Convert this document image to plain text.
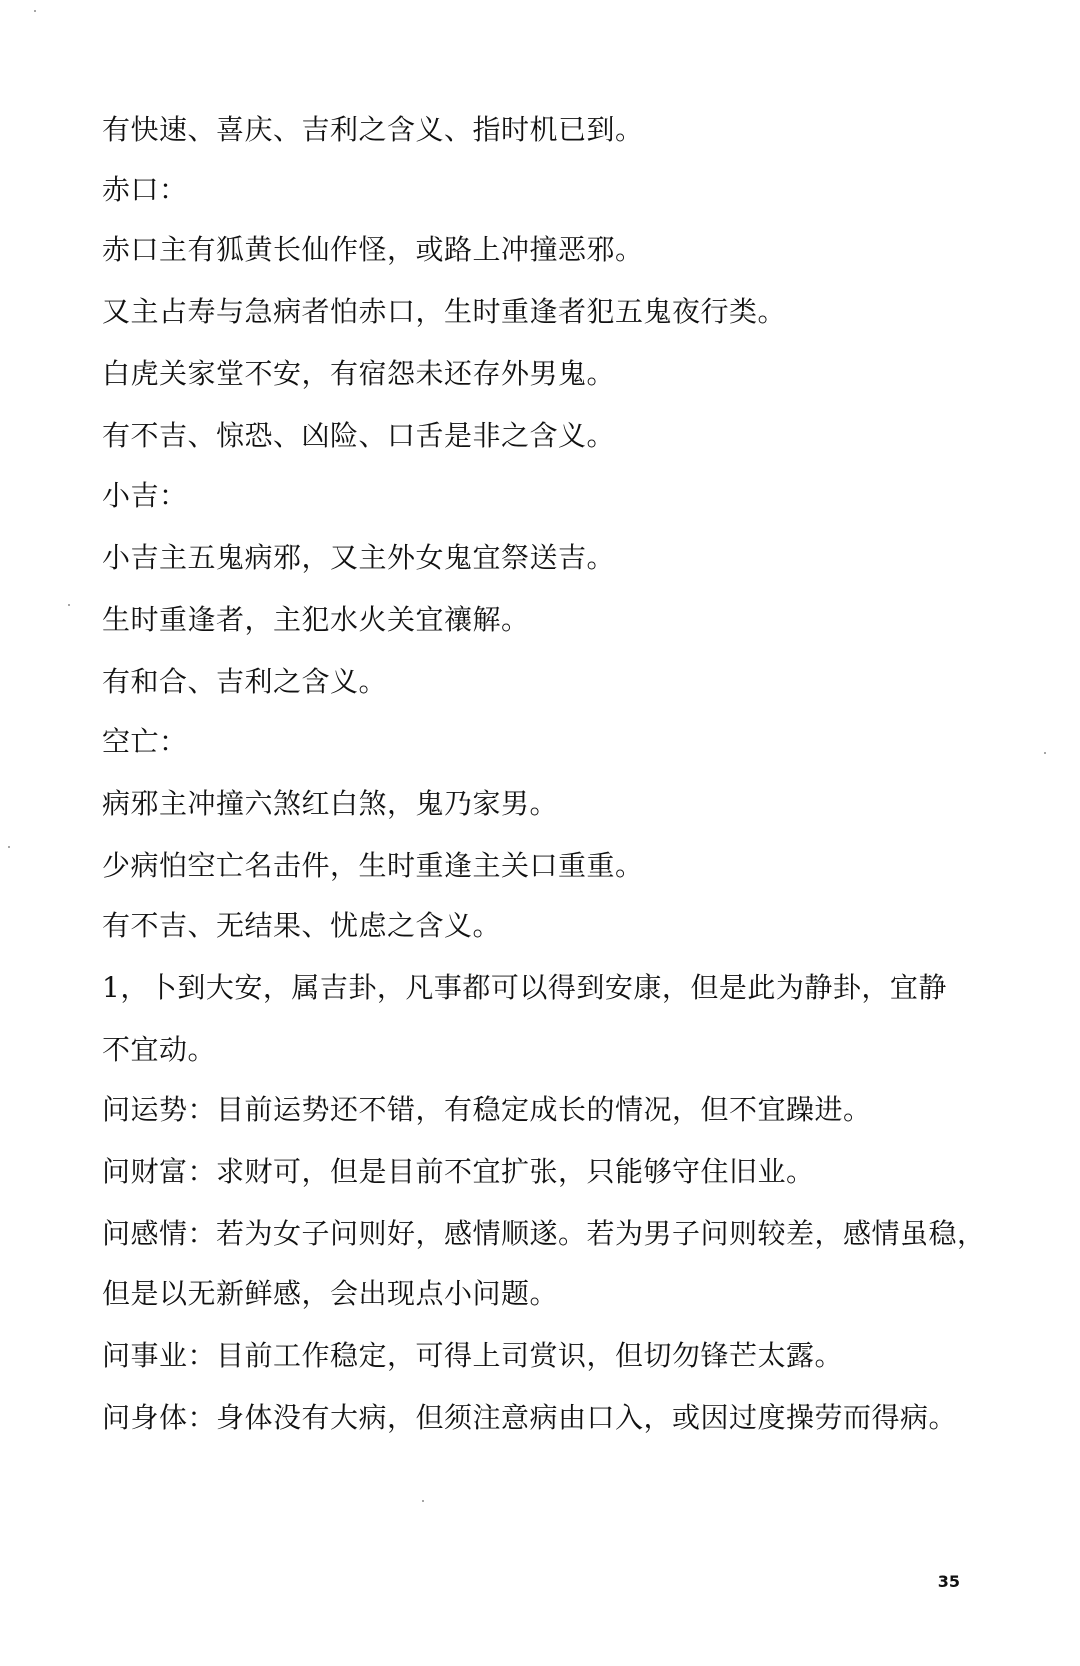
有快速、喜庆、吉利之含义、指时机已到。
赤口：
赤口主有狐黄长仙作怪，或路上冲撞恶邪。
又主占寿与急病者怕赤口，生时重逢者犯五鬼夜行类。
白虎关家堂不安，有宿怨未还存外男鬼。
有不吉、惊恐、凶险、口舌是非之含义。
小吉：
小吉主五鬼病邪，又主外女鬼宜祭送吉。
生时重逢者，主犯水火关宜禳解。
有和合、吉利之含义。
空亡：
病邪主冲撞六煞红白煞，鬼乃家男。
少病怕空亡名击件，生时重逢主关口重重。
有不吉、无结果、忧虑之含义。
1，卜到大安，属吉卦，凡事都可以得到安康，但是此为静卦，宜静
不宜动。
问运势：目前运势还不错，有稳定成长的情况，但不宜躁进。
问财富：求财可，但是目前不宜扩张，只能够守住旧业。
问感情：若为女子问则好，感情顺遂。若为男子问则较差，感情虽稳，
但是以无新鲜感，会出现点小问题。
问事业：目前工作稳定，可得上司赏识，但切勿锋芒太露。
问身体：身体没有大病，但须注意病由口入，或因过度操劳而得病。
35
